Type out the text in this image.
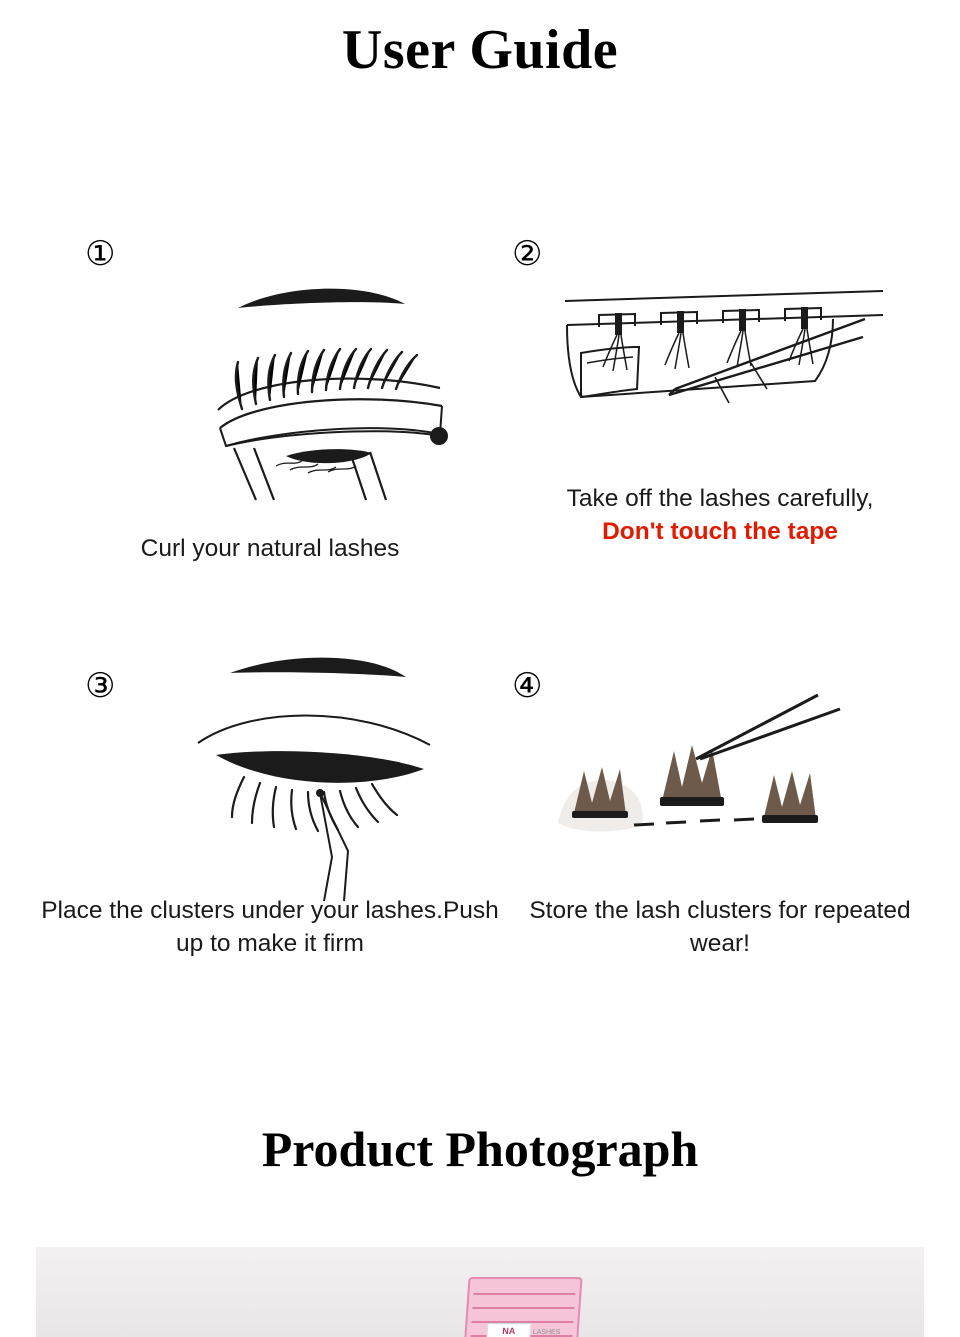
User Guide
①
Curl your natural lashes
②
Take off the lashes carefully,
Don't touch the tape
③
Place the clusters under your lashes.Push up to make it firm
④
Store the lash clusters for repeated wear!
Product Photograph
NA	LASHES
